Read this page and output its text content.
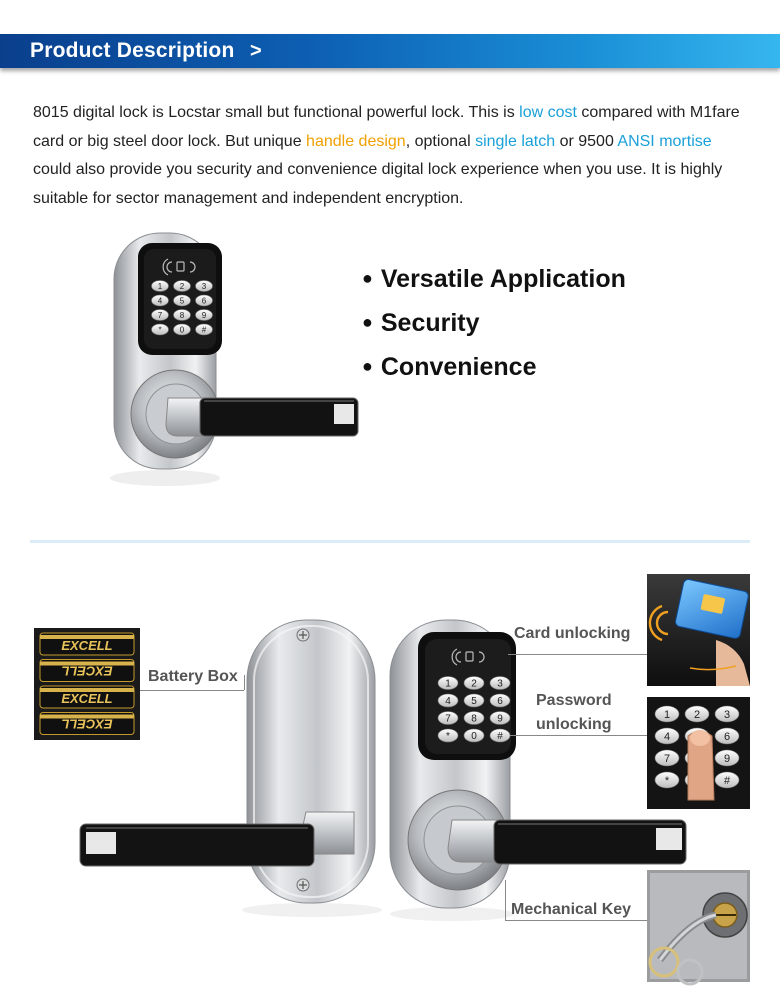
Product Description >
8015 digital lock is Locstar small but functional powerful lock. This is low cost compared with M1fare card or big steel door lock. But unique handle design, optional single latch or 9500 ANSI mortise could also provide you security and convenience digital lock experience when you use. It is highly suitable for sector management and independent encryption.
1 2 3
4 5 6
7 8 9
* 0 #
EXCELL
EXCELL
EXCELL
EXCELL
1 2 3
4 5 6
7 8 9
* 0 #
1 2 3
4	6
7	9
*	#
● Versatile Application
● Security
● Convenience
Battery Box
Card unlocking
Password
unlocking
Mechanical Key
